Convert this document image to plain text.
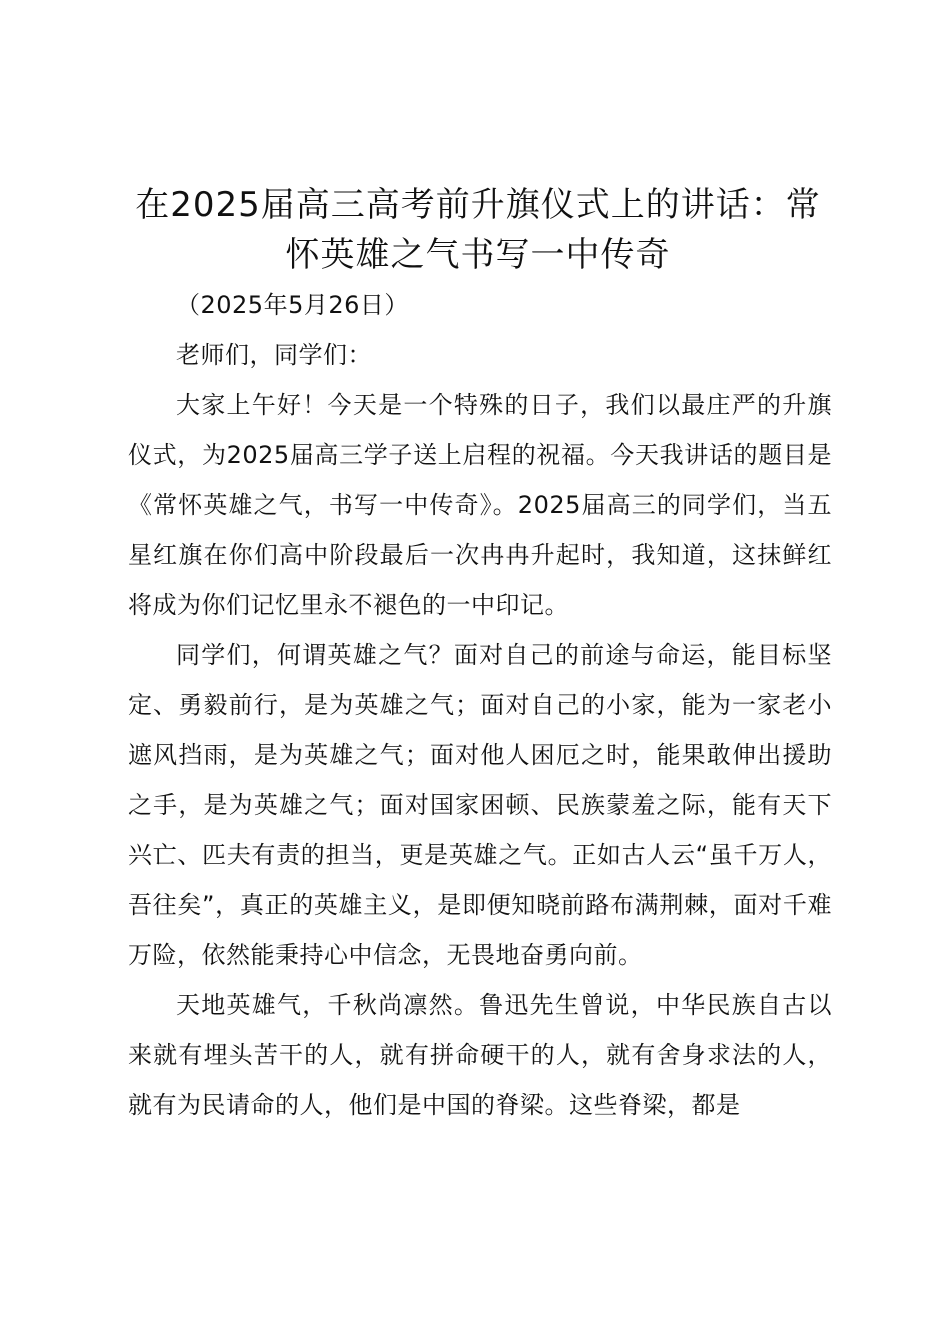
在2025届高三高考前升旗仪式上的讲话：常怀英雄之气书写一中传奇

（2025年5月26日）

老师们，同学们：

大家上午好！今天是一个特殊的日子，我们以最庄严的升旗仪式，为2025届高三学子送上启程的祝福。今天我讲话的题目是《常怀英雄之气，书写一中传奇》。2025届高三的同学们，当五星红旗在你们高中阶段最后一次冉冉升起时，我知道，这抹鲜红将成为你们记忆里永不褪色的一中印记。

同学们，何谓英雄之气？面对自己的前途与命运，能目标坚定、勇毅前行，是为英雄之气；面对自己的小家，能为一家老小遮风挡雨，是为英雄之气；面对他人困厄之时，能果敢伸出援助之手，是为英雄之气；面对国家困顿、民族蒙羞之际，能有天下兴亡、匹夫有责的担当，更是英雄之气。正如古人云“虽千万人，吾往矣”，真正的英雄主义，是即便知晓前路布满荆棘，面对千难万险，依然能秉持心中信念，无畏地奋勇向前。

天地英雄气，千秋尚凛然。鲁迅先生曾说，中华民族自古以来就有埋头苦干的人，就有拼命硬干的人，就有舍身求法的人，就有为民请命的人，他们是中国的脊梁。这些脊梁，都是
